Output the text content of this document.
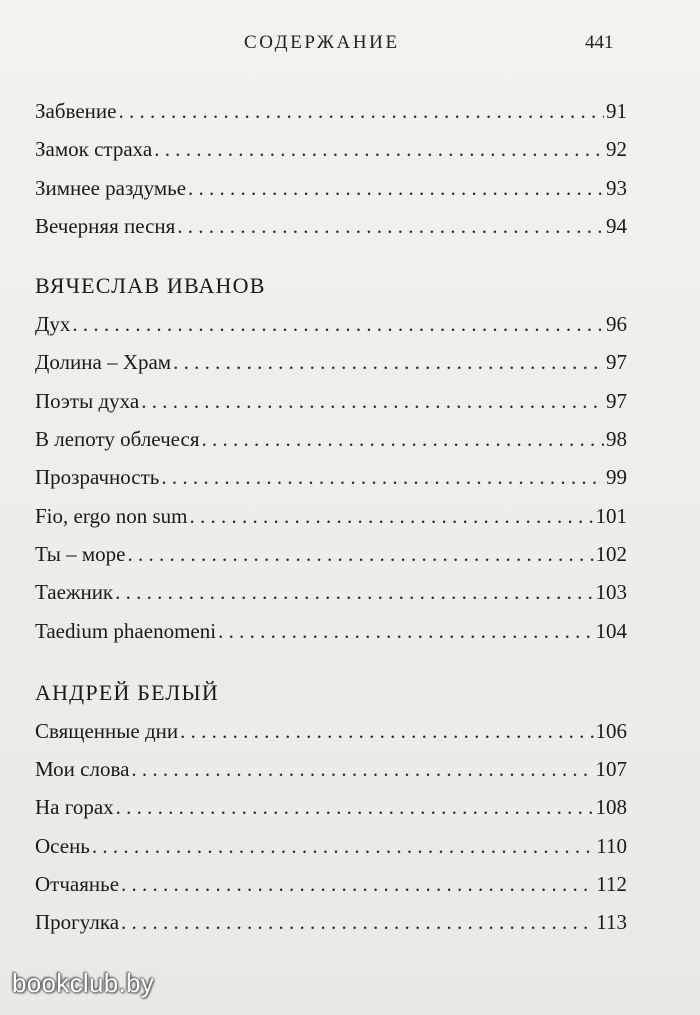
СОДЕРЖАНИЕ	441
Забвение . . .	91
Замок страха . . .	92
Зимнее раздумье . . .	93
Вечерняя песня . . .	94
ВЯЧЕСЛАВ ИВАНОВ
Дух . . .	96
Долина – Храм . . .	97
Поэты духа . . .	97
В лепоту облечеся . . .	98
Прозрачность . . .	99
Fio, ergo non sum . . .	101
Ты – море . . .	102
Таежник . . .	103
Taedium phaenomeni . . .	104
АНДРЕЙ БЕЛЫЙ
Священные дни . . .	106
Мои слова . . .	107
На горах . . .	108
Осень . . .	110
Отчаянье . . .	112
Прогулка . . .	113
bookclub.by
